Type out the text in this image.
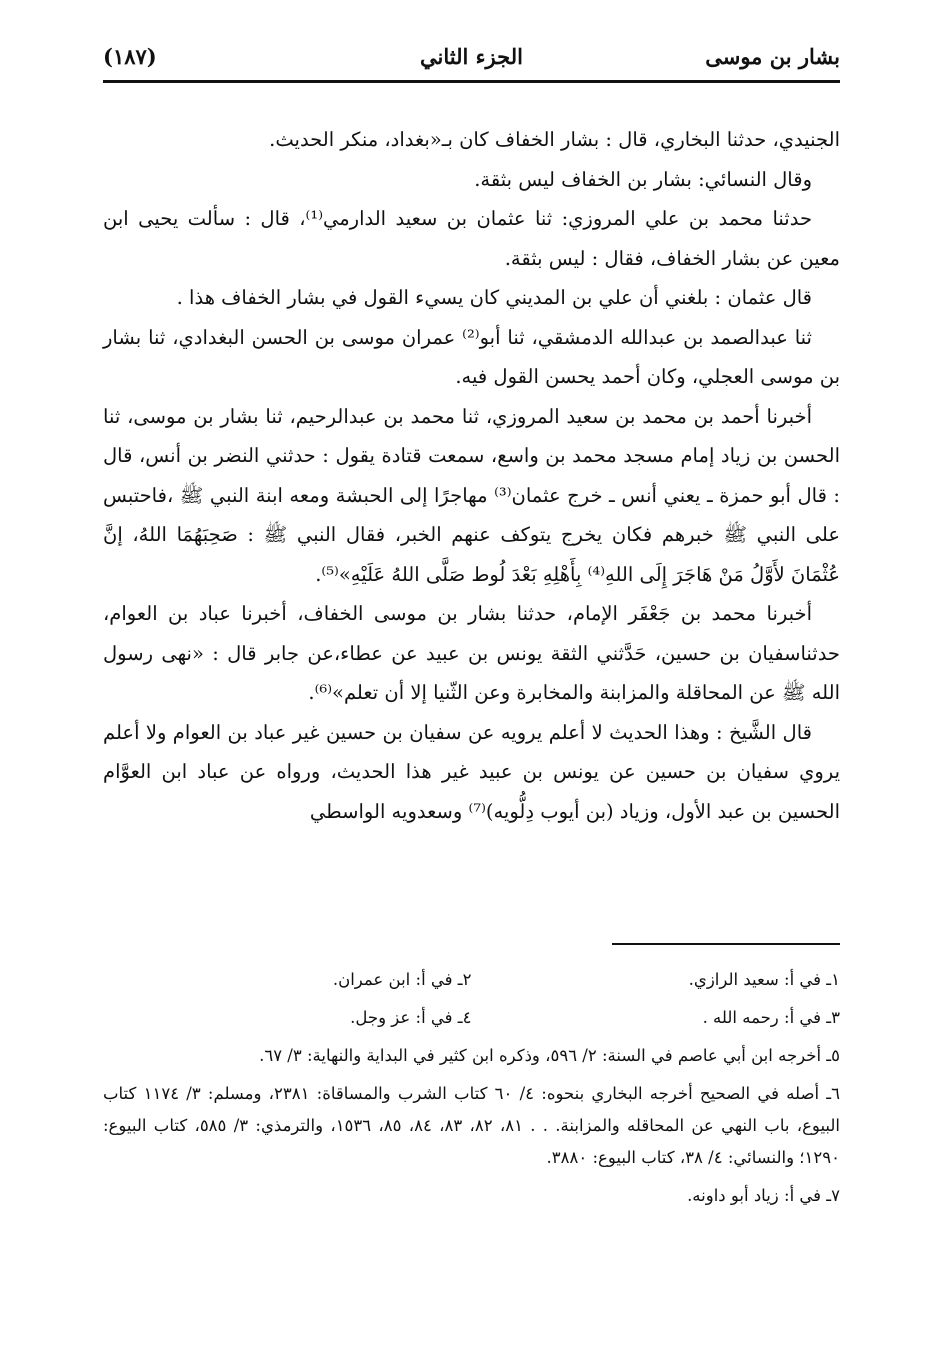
بشار بن موسى
الجزء الثاني
(١٨٧)

الجنيدي، حدثنا البخاري، قال : بشار الخفاف كان بـ«بغداد، منكر الحديث.

وقال النسائي: بشار بن الخفاف ليس بثقة.

حدثنا محمد بن علي المروزي: ثنا عثمان بن سعيد الدارمي⁽¹⁾، قال : سألت يحيى ابن معين عن بشار الخفاف، فقال : ليس بثقة.

قال عثمان : بلغني أن علي بن المديني كان يسيء القول في بشار الخفاف هذا .

ثنا عبدالصمد بن عبدالله الدمشقي، ثنا أبو⁽²⁾ عمران موسى بن الحسن البغدادي، ثنا بشار بن موسى العجلي، وكان أحمد يحسن القول فيه.

أخبرنا أحمد بن محمد بن سعيد المروزي، ثنا محمد بن عبدالرحيم، ثنا بشار بن موسى، ثنا الحسن بن زياد إمام مسجد محمد بن واسع، سمعت قتادة يقول : حدثني النضر بن أنس، قال : قال أبو حمزة ـ يعني أنس ـ خرج عثمان⁽³⁾ مهاجرًا إلى الحبشة ومعه ابنة النبي ﷺ ،فاحتبس على النبي ﷺ خبرهم فكان يخرج يتوكف عنهم الخبر، فقال النبي ﷺ : صَحِبَهُمَا اللهُ، إنَّ عُثْمَانَ لأَوَّلُ مَنْ هَاجَرَ إِلَى اللهِ⁽⁴⁾ بِأَهْلِهِ بَعْدَ لُوط صَلَّى اللهُ عَلَيْهِ»⁽⁵⁾.

أخبرنا محمد بن جَعْفَر الإمام، حدثنا بشار بن موسى الخفاف، أخبرنا عباد بن العوام، حدثناسفيان بن حسين، حَدَّثني الثقة يونس بن عبيد عن عطاء،عن جابر قال : «نهى رسول الله ﷺ عن المحاقلة والمزابنة والمخابرة وعن الثّنيا إلا أن تعلم»⁽⁶⁾.

قال الشَّيخ : وهذا الحديث لا أعلم يرويه عن سفيان بن حسين غير عباد بن العوام ولا أعلم يروي سفيان بن حسين عن يونس بن عبيد غير هذا الحديث، ورواه عن عباد ابن العوَّام الحسين بن عبد الأول، وزياد (بن أيوب دِلُّويه)⁽⁷⁾ وسعدويه الواسطي

١ـ في أ: سعيد الرازي.
٢ـ في أ: ابن عمران.
٣ـ في أ: رحمه الله .
٤ـ في أ: عز وجل.
٥ـ أخرجه ابن أبي عاصم في السنة: ٢/ ٥٩٦، وذكره ابن كثير في البداية والنهاية: ٣/ ٦٧.
٦ـ أصله في الصحيح أخرجه البخاري بنحوه: ٤/ ٦٠ كتاب الشرب والمساقاة: ٢٣٨١، ومسلم: ٣/ ١١٧٤ كتاب البيوع، باب النهي عن المحاقله والمزابنة. . . ٨١، ٨٢، ٨٣، ٨٤، ٨٥، ١٥٣٦، والترمذي: ٣/ ٥٨٥، كتاب البيوع: ١٢٩٠؛ والنسائي: ٤/ ٣٨، كتاب البيوع: ٣٨٨٠.
٧ـ في أ: زياد أبو داونه.
